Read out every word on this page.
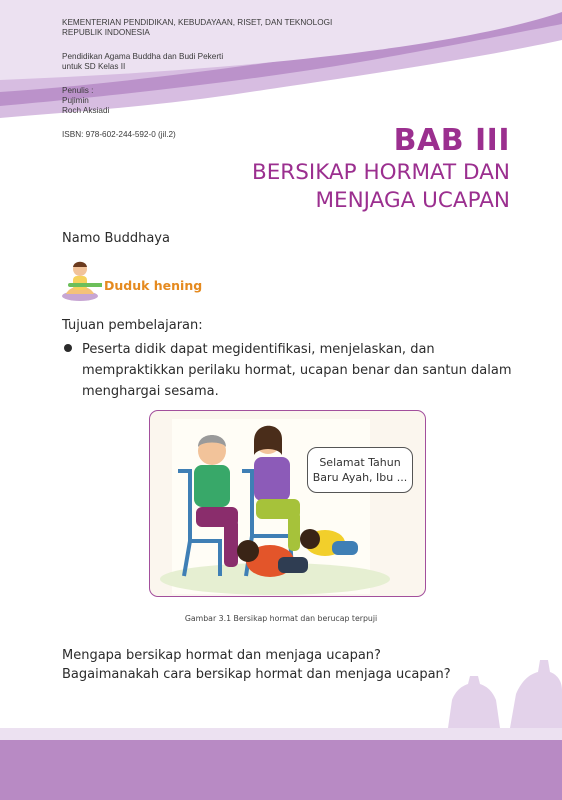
KEMENTERIAN PENDIDIKAN, KEBUDAYAAN, RISET, DAN TEKNOLOGI
REPUBLIK INDONESIA
Pendidikan Agama Buddha dan Budi Pekerti
untuk SD Kelas II
Penulis :
Pujimin
Roch Aksiadi
ISBN: 978-602-244-592-0 (jil.2)	BAB III
BERSIKAP HORMAT DAN
MENJAGA UCAPAN
Namo Buddhaya
Duduk hening
Tujuan pembelajaran:
Peserta didik dapat megidentifikasi, menjelaskan, dan mempraktikkan perilaku hormat, ucapan benar dan santun dalam menghargai sesama.
Selamat Tahun Baru Ayah, Ibu ...
Gambar 3.1 Bersikap hormat dan berucap terpuji
Mengapa bersikap hormat dan menjaga ucapan?
Bagaimanakah cara bersikap hormat dan menjaga ucapan?
